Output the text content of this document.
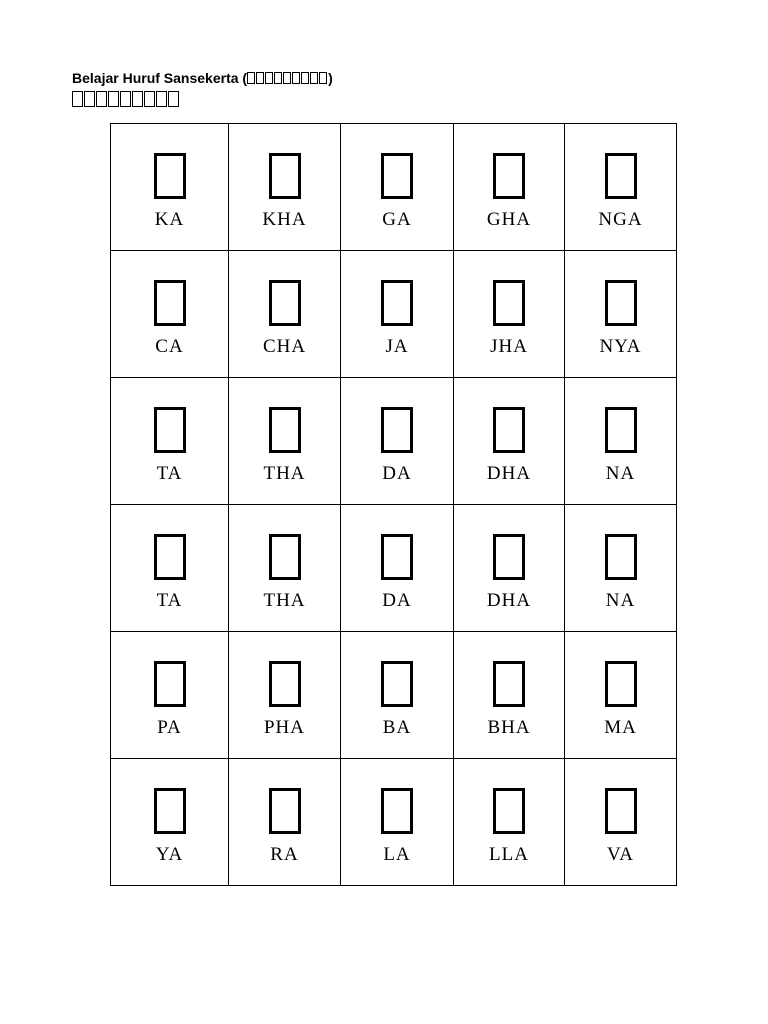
Belajar Huruf Sansekerta (	)
KA	KHA	GA	GHA	NGA

CA	CHA	JA	JHA	NYA

TA	THA	DA	DHA	NA

TA	THA	DA	DHA	NA

PA	PHA	BA	BHA	MA

YA	RA	LA	LLA	VA
